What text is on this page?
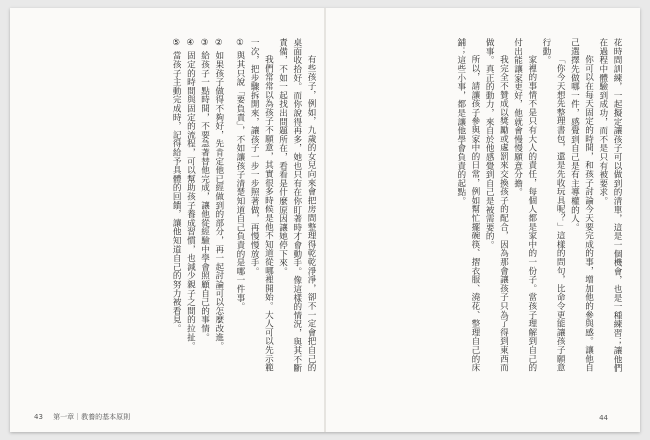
有些孩子，例如，九歲的女兒向來會把房間整理得乾乾淨淨，卻不一定會把自己的桌面收拾好。而你說得再多，她也只有在你盯著時才會動手。像這樣的情況，與其不斷責備，不如一起找出問題所在，看看是什麼原因讓她停下來。

我們常常以為孩子不願意，其實很多時候是他不知道從哪裡開始。大人可以先示範一次，把步驟拆開來，讓孩子一步一步照著做，再慢慢放手。

① 與其只說「要負責」，不如讓孩子清楚知道自己負責的是哪一件事。

② 如果孩子做得不夠好，先肯定他已經做到的部分，再一起討論可以怎麼改進。

③ 給孩子一點時間，不要急著替他完成，讓他從經驗中學會照顧自己的事情。

④ 固定的時間與固定的流程，可以幫助孩子養成習慣，也減少親子之間的拉扯。

⑤ 當孩子主動完成時，記得給予具體的回饋，讓他知道自己的努力被看見。	花時間訓練，一起擬定讓孩子可以做到的清單，這是一個機會，也是一種練習；讓他們在過程中體驗到成功，而不是只有被要求。

你可以在每天固定的時間，和孩子討論今天要完成的事，增加他的參與感。讓他自己選擇先做哪一件，感覺到自己是有主導權的人。

「你今天想先整理書包，還是先收玩具呢？」這樣的問句，比命令更能讓孩子願意行動。

家裡的事情不是只有大人的責任，每個人都是家中的一份子。當孩子理解到自己的付出能讓家更好，他就會慢慢願意分擔。

我完全不贊成以獎勵或處罰來交換孩子的配合，因為那會讓孩子只為了得到東西而做事。真正的動力，來自於他感覺到自己是被需要的。

所以，請讓孩子參與家中的日常，例如幫忙擺碗筷、摺衣服、澆花、整理自己的床鋪；這些小事，都是讓他學會負責的起點。

43 第一章｜教養的基本原則	44
